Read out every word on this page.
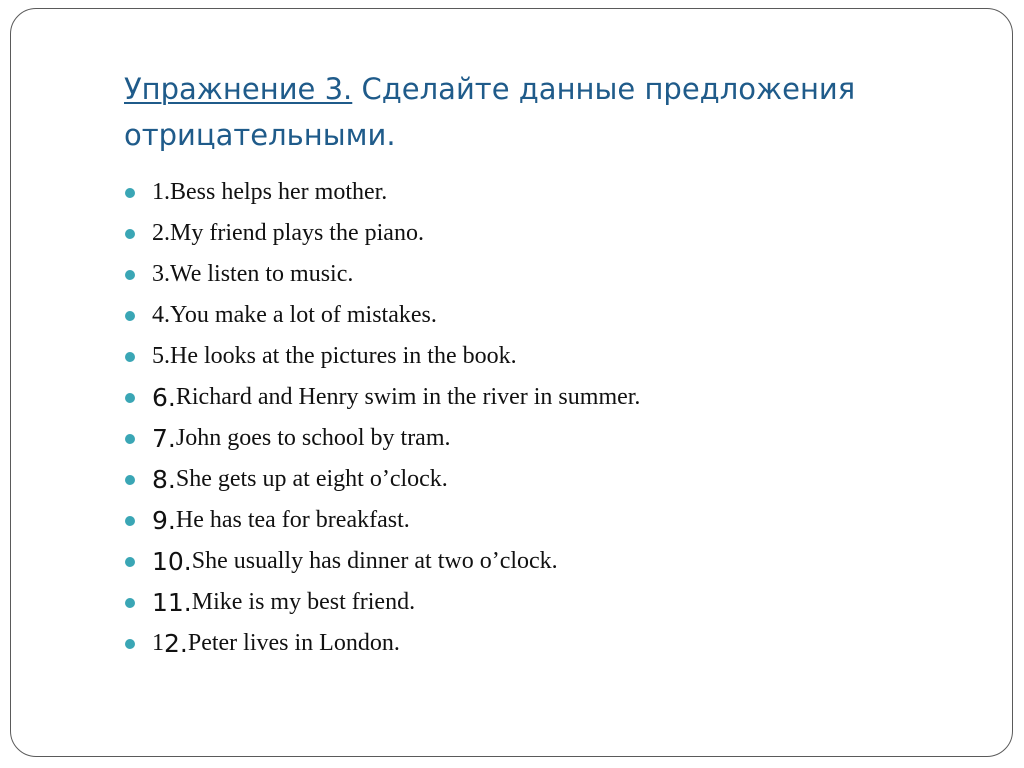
Упражнение 3. Сделайте данные предложения отрицательными.
1. Bess helps her mother.
2. My friend plays the piano.
3. We listen to music.
4. You make a lot of mistakes.
5. He looks at the pictures in the book.
6. Richard and Henry swim in the river in summer.
7. John goes to school by tram.
8. She gets up at eight o’clock.
9. He has tea for breakfast.
10. She usually has dinner at two o’clock.
11. Mike is my best friend.
1 2. Peter lives in London.
